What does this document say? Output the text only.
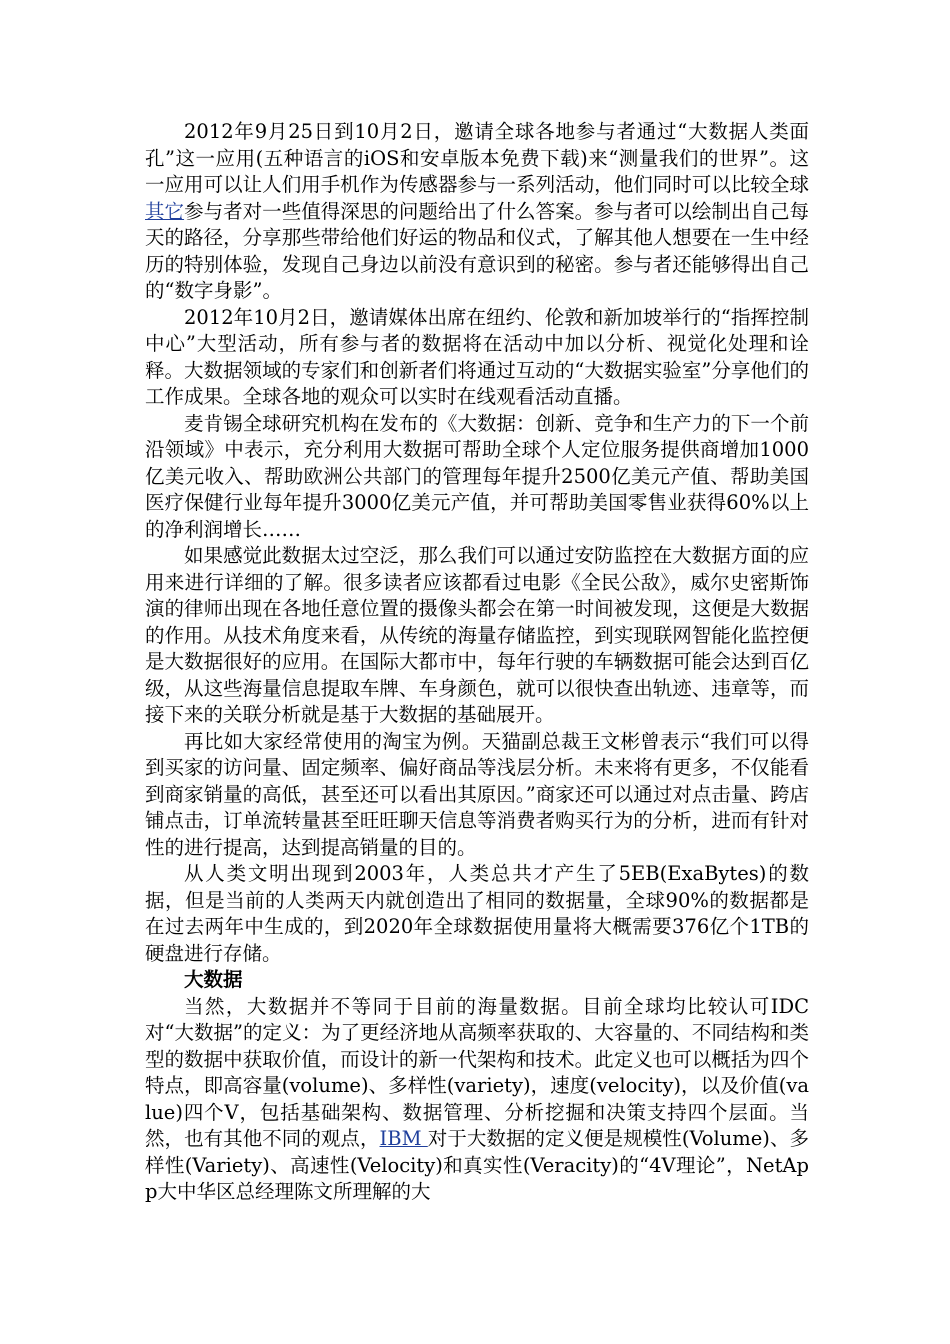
2012年9月25日到10月2日，邀请全球各地参与者通过“大数据人类面孔”这一应用(五种语言的iOS和安卓版本免费下载)来“测量我们的世界”。这一应用可以让人们用手机作为传感器参与一系列活动，他们同时可以比较全球其它参与者对一些值得深思的问题给出了什么答案。参与者可以绘制出自己每天的路径，分享那些带给他们好运的物品和仪式，了解其他人想要在一生中经历的特别体验，发现自己身边以前没有意识到的秘密。参与者还能够得出自己的“数字身影”。

2012年10月2日，邀请媒体出席在纽约、伦敦和新加坡举行的“指挥控制中心”大型活动，所有参与者的数据将在活动中加以分析、视觉化处理和诠释。大数据领域的专家们和创新者们将通过互动的“大数据实验室”分享他们的工作成果。全球各地的观众可以实时在线观看活动直播。

麦肯锡全球研究机构在发布的《大数据：创新、竞争和生产力的下一个前沿领域》中表示，充分利用大数据可帮助全球个人定位服务提供商增加1000亿美元收入、帮助欧洲公共部门的管理每年提升2500亿美元产值、帮助美国医疗保健行业每年提升3000亿美元产值，并可帮助美国零售业获得60%以上的净利润增长……

如果感觉此数据太过空泛，那么我们可以通过安防监控在大数据方面的应用来进行详细的了解。很多读者应该都看过电影《全民公敌》，威尔史密斯饰演的律师出现在各地任意位置的摄像头都会在第一时间被发现，这便是大数据的作用。从技术角度来看，从传统的海量存储监控，到实现联网智能化监控便是大数据很好的应用。在国际大都市中，每年行驶的车辆数据可能会达到百亿级，从这些海量信息提取车牌、车身颜色，就可以很快查出轨迹、违章等，而接下来的关联分析就是基于大数据的基础展开。

再比如大家经常使用的淘宝为例。天猫副总裁王文彬曾表示“我们可以得到买家的访问量、固定频率、偏好商品等浅层分析。未来将有更多，不仅能看到商家销量的高低，甚至还可以看出其原因。”商家还可以通过对点击量、跨店铺点击，订单流转量甚至旺旺聊天信息等消费者购买行为的分析，进而有针对性的进行提高，达到提高销量的目的。

从人类文明出现到2003年，人类总共才产生了5EB(ExaBytes)的数据，但是当前的人类两天内就创造出了相同的数据量，全球90%的数据都是在过去两年中生成的，到2020年全球数据使用量将大概需要376亿个1TB的硬盘进行存储。

大数据

当然，大数据并不等同于目前的海量数据。目前全球均比较认可IDC对“大数据”的定义：为了更经济地从高频率获取的、大容量的、不同结构和类型的数据中获取价值，而设计的新一代架构和技术。此定义也可以概括为四个特点，即高容量(volume)、多样性(variety)，速度(velocity)，以及价值(value)四个V，包括基础架构、数据管理、分析挖掘和决策支持四个层面。当然，也有其他不同的观点，IBM 对于大数据的定义便是规模性(Volume)、多样性(Variety)、高速性(Velocity)和真实性(Veracity)的“4V理论”，NetApp大中华区总经理陈文所理解的大
